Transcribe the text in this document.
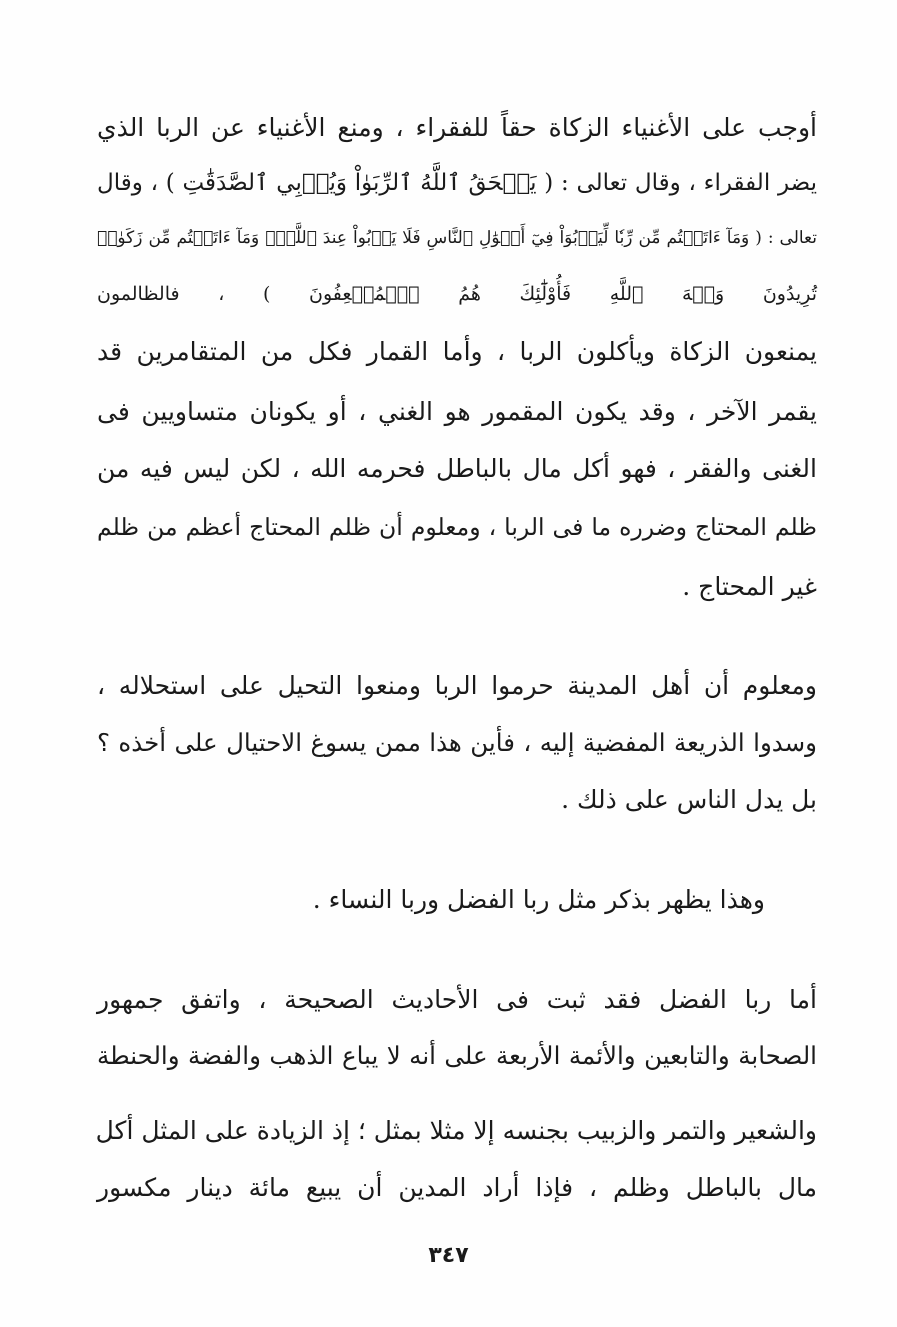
أوجب على الأغنياء الزكاة حقاً للفقراء ، ومنع الأغنياء عن الربا الذي
يضر الفقراء ، وقال تعالى : ( يَمۡحَقُ ٱللَّهُ ٱلرِّبَوٰاْ وَيُرۡبِي ٱلصَّدَقَٰتِ ) ، وقال
تعالى : ( وَمَآ ءَاتَيۡتُم مِّن رِّبٗا لِّيَرۡبُوَاْ فِيٓ أَمۡوَٰلِ ٱلنَّاسِ فَلَا يَرۡبُواْ عِندَ ٱللَّهِۖ وَمَآ ءَاتَيۡتُم مِّن زَكَوٰةٖ
تُرِيدُونَ وَجۡهَ ٱللَّهِ فَأُوْلَٰٓئِكَ هُمُ ٱلۡمُضۡعِفُونَ ) ، فالظالمون
يمنعون الزكاة ويأكلون الربا ، وأما القمار فكل من المتقامرين قد
يقمر الآخر ، وقد يكون المقمور هو الغني ، أو يكونان متساويين فى
الغنى والفقر ، فهو أكل مال بالباطل فحرمه الله ، لكن ليس فيه من
ظلم المحتاج وضرره ما فى الربا ، ومعلوم أن ظلم المحتاج أعظم من ظلم
غير المحتاج .
ومعلوم أن أهل المدينة حرموا الربا ومنعوا التحيل على استحلاله ،
وسدوا الذريعة المفضية إليه ، فأين هذا ممن يسوغ الاحتيال على أخذه ؟
بل يدل الناس على ذلك .
وهذا يظهر بذكر مثل ربا الفضل وربا النساء .
أما ربا الفضل فقد ثبت فى الأحاديث الصحيحة ، واتفق جمهور
الصحابة والتابعين والأئمة الأربعة على أنه لا يباع الذهب والفضة والحنطة
والشعير والتمر والزبيب بجنسه إلا مثلا بمثل ؛ إذ الزيادة على المثل أكل
مال بالباطل وظلم ، فإذا أراد المدين أن يبيع مائة دينار مكسور
٣٤٧
